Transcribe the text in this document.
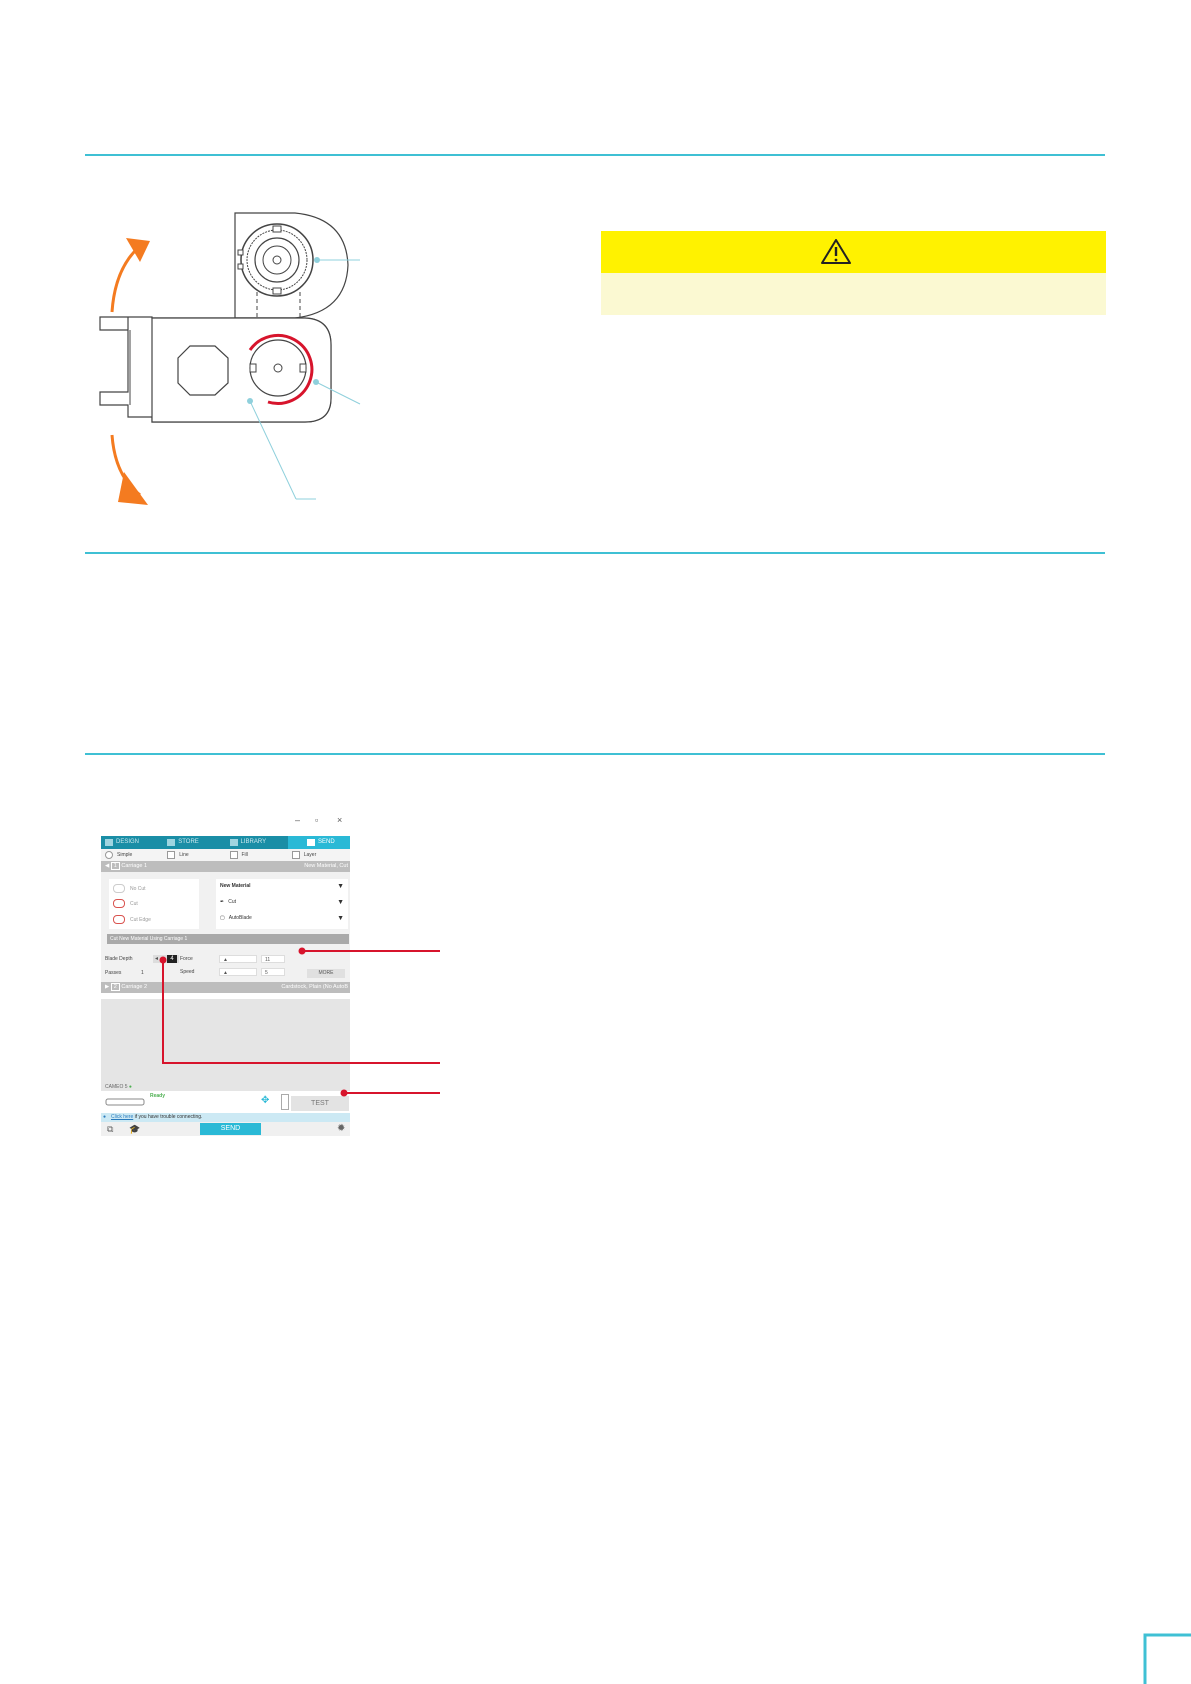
– ▫ ×
DESIGN	STORE	LIBRARY	SEND
Simple	Line	Fill	Layer
◀ 1 Carriage 1	New Material, Cut
No Cut
Cut
Cut Edge
New Material	▼
✒ Cut	▼
▢ AutoBlade	▼
Cut New Material Using Carriage 1
Blade Depth	◂	4
Passes	1
Force	▲	11
Speed	▲	5	MORE
▶ 2 Carriage 2	Cardstock, Plain (No AutoB
CAMEO 5 ●
Ready	✥	TEST
● Click here if you have trouble connecting.
⧉ 🎓	SEND	✹
